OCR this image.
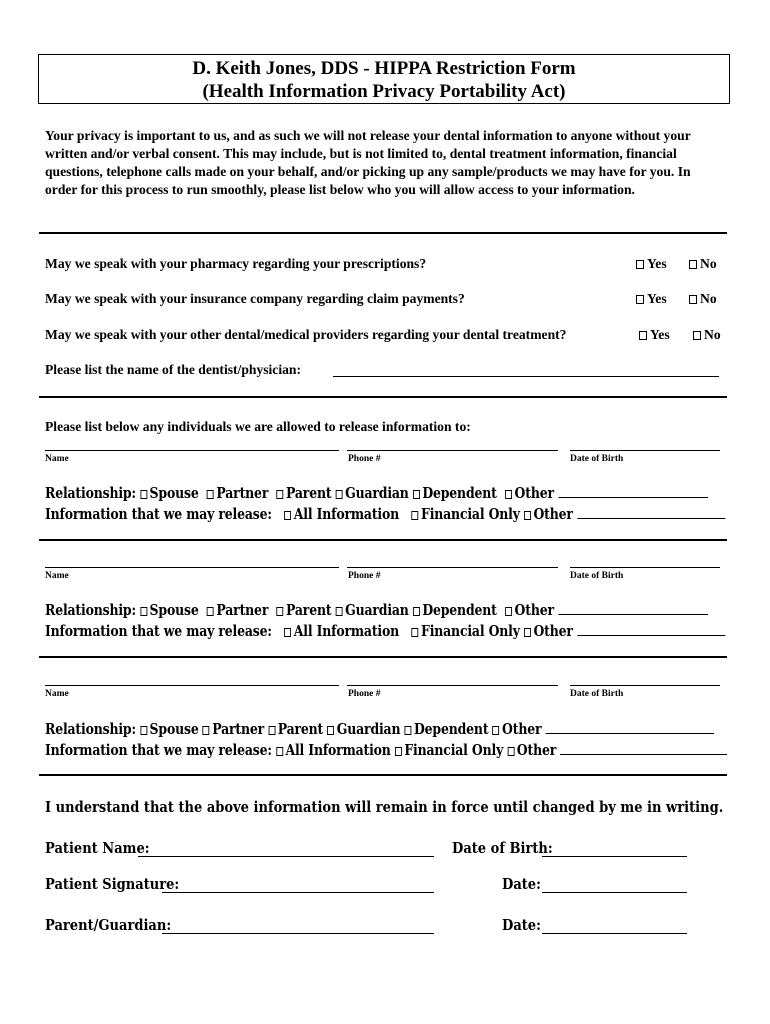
D. Keith Jones, DDS - HIPPA Restriction Form
(Health Information Privacy Portability Act)
Your privacy is important to us, and as such we will not release your dental information to anyone without your written and/or verbal consent. This may include, but is not limited to, dental treatment information, financial questions, telephone calls made on your behalf, and/or picking up any sample/products we may have for you. In order for this process to run smoothly, please list below who you will allow access to your information.
May we speak with your pharmacy regarding your prescriptions?	Yes	No
May we speak with your insurance company regarding claim payments?	Yes	No
May we speak with your other dental/medical providers regarding your dental treatment?	Yes	No
Please list the name of the dentist/physician:
Please list below any individuals we are allowed to release information to:
Name	Phone #	Date of Birth
Relationship: Spouse Partner Parent Guardian Dependent Other
Information that we may release: All Information Financial Only Other
Name	Phone #	Date of Birth
Relationship: Spouse Partner Parent Guardian Dependent Other
Information that we may release: All Information Financial Only Other
Name	Phone #	Date of Birth
Relationship: Spouse Partner Parent Guardian Dependent Other
Information that we may release: All Information Financial Only Other
I understand that the above information will remain in force until changed by me in writing.
Patient Name:	Date of Birth:
Patient Signature:	Date:
Parent/Guardian:	Date:
